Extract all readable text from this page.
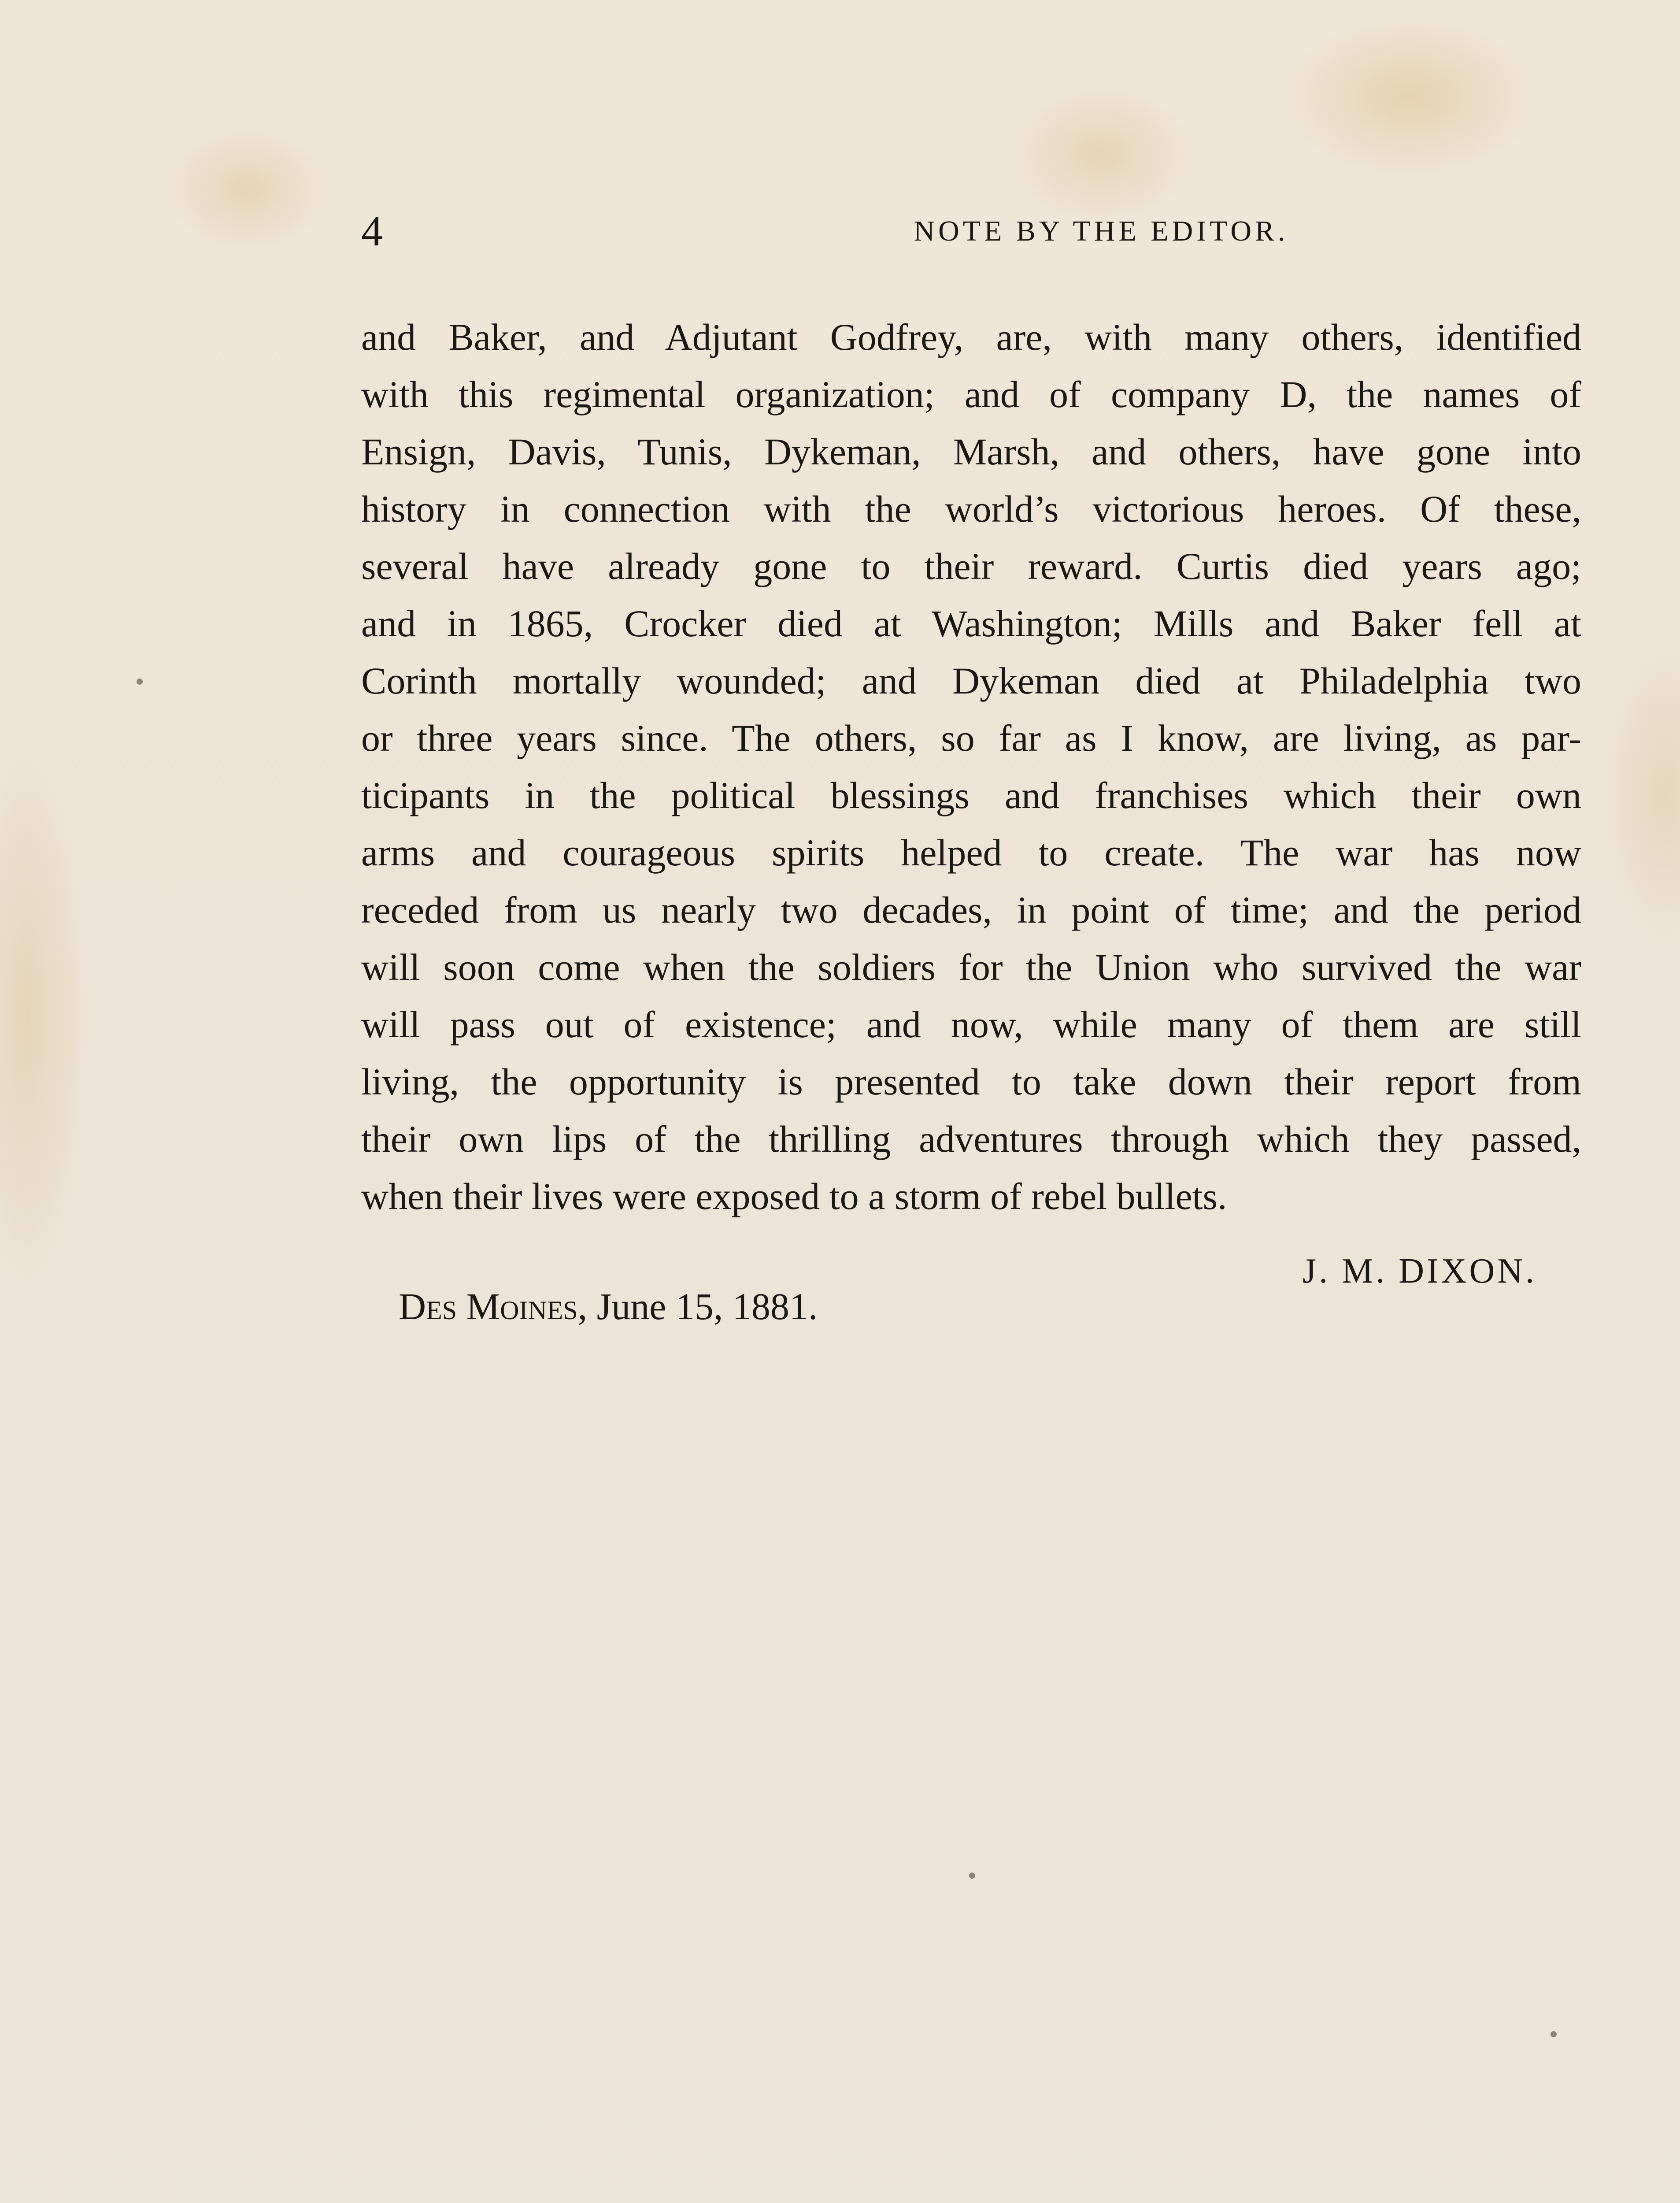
4	NOTE BY THE EDITOR.
and Baker, and Adjutant Godfrey, are, with many others, identified
with this regimental organization; and of company D, the names of
Ensign, Davis, Tunis, Dykeman, Marsh, and others, have gone into
history in connection with the world’s victorious heroes. Of these,
several have already gone to their reward. Curtis died years ago;
and in 1865, Crocker died at Washington; Mills and Baker fell at
Corinth mortally wounded; and Dykeman died at Philadelphia two
or three years since. The others, so far as I know, are living, as par-
ticipants in the political blessings and franchises which their own
arms and courageous spirits helped to create. The war has now
receded from us nearly two decades, in point of time; and the period
will soon come when the soldiers for the Union who survived the war
will pass out of existence; and now, while many of them are still
living, the opportunity is presented to take down their report from
their own lips of the thrilling adventures through which they passed,
when their lives were exposed to a storm of rebel bullets.
J. M. DIXON.
Des Moines, June 15, 1881.
